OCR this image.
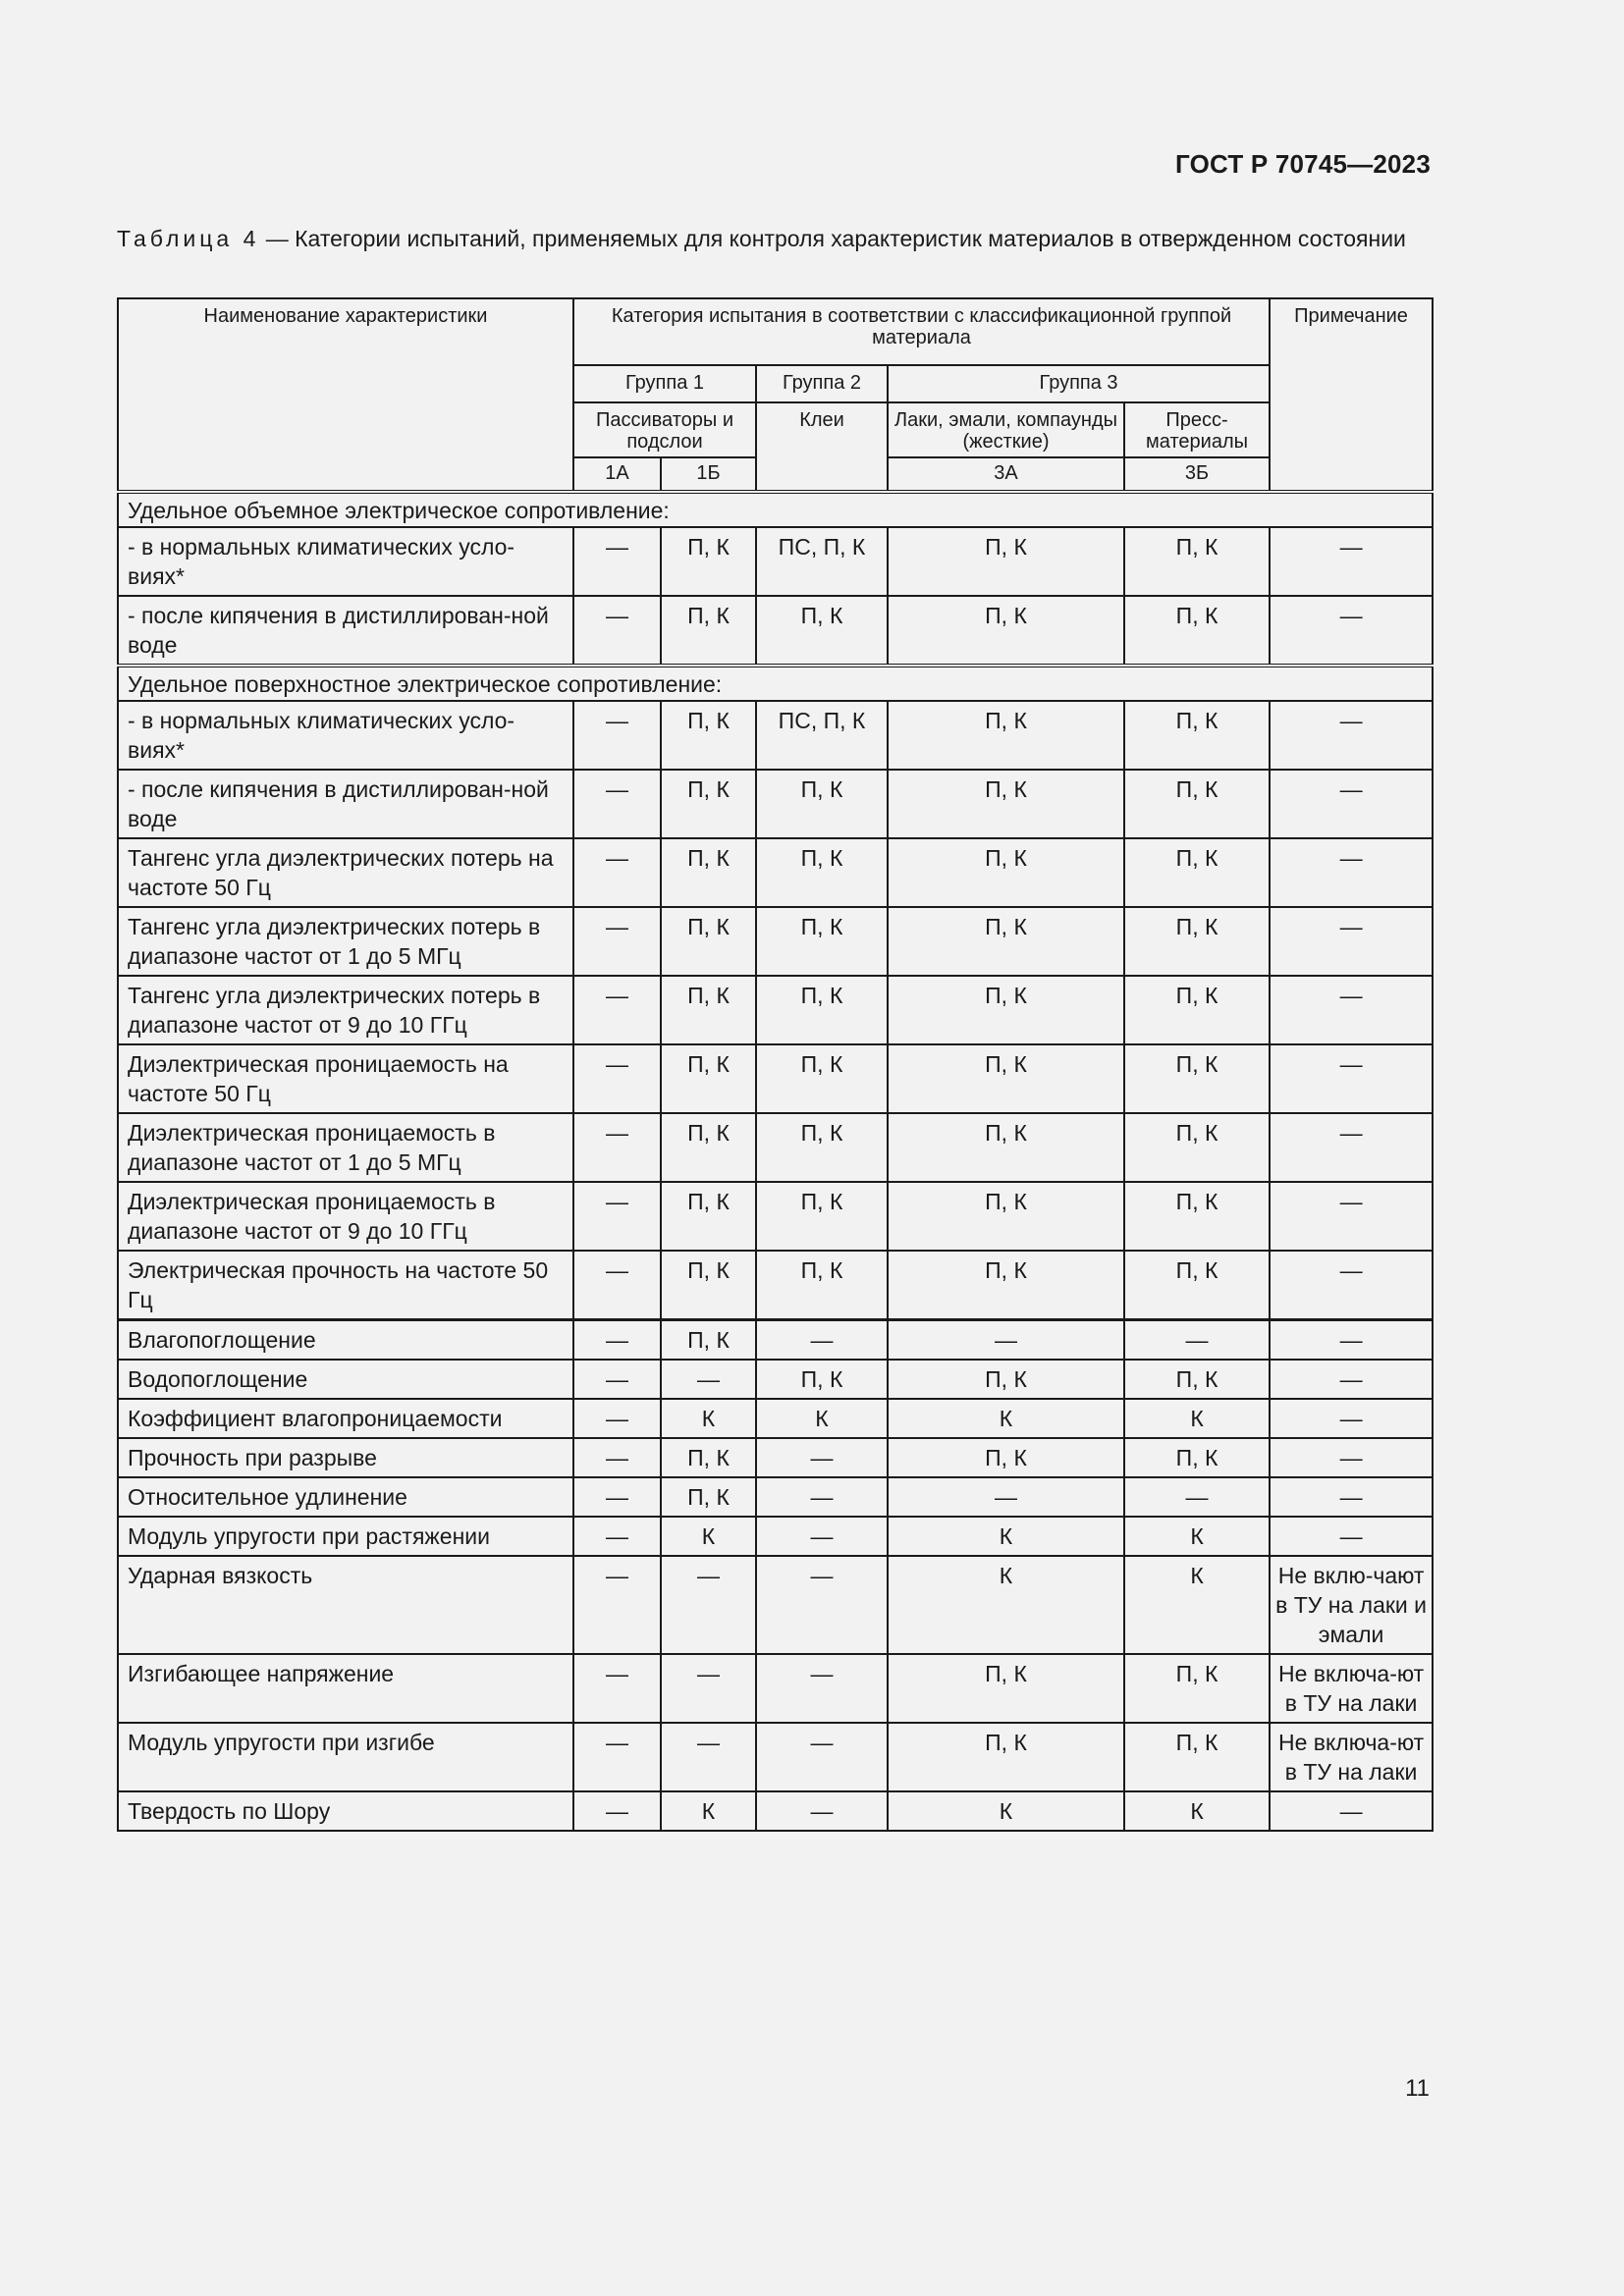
ГОСТ Р 70745—2023
Таблица 4 — Категории испытаний, применяемых для контроля характеристик материалов в отвержденном состоянии
Наименование характеристики	Категория испытания в соответствии с классификационной группой материала					Примечание
	Группа 1		Группа 2	Группа 3		
	Пассиваторы и подслои		Клеи	Лаки, эмали, компаунды (жесткие)	Пресс-материалы	
	1А	1Б		3А	3Б	
Удельное объемное электрическое сопротивление:						
- в нормальных климатических усло-виях*	—	П, К	ПС, П, К	П, К	П, К	—
- после кипячения в дистиллирован-ной воде	—	П, К	П, К	П, К	П, К	—
Удельное поверхностное электрическое сопротивление:						
- в нормальных климатических усло-виях*	—	П, К	ПС, П, К	П, К	П, К	—
- после кипячения в дистиллирован-ной воде	—	П, К	П, К	П, К	П, К	—
Тангенс угла диэлектрических потерь на частоте 50 Гц	—	П, К	П, К	П, К	П, К	—
Тангенс угла диэлектрических потерь в диапазоне частот от 1 до 5 МГц	—	П, К	П, К	П, К	П, К	—
Тангенс угла диэлектрических потерь в диапазоне частот от 9 до 10 ГГц	—	П, К	П, К	П, К	П, К	—
Диэлектрическая проницаемость на частоте 50 Гц	—	П, К	П, К	П, К	П, К	—
Диэлектрическая проницаемость в диапазоне частот от 1 до 5 МГц	—	П, К	П, К	П, К	П, К	—
Диэлектрическая проницаемость в диапазоне частот от 9 до 10 ГГц	—	П, К	П, К	П, К	П, К	—
Электрическая прочность на частоте 50 Гц	—	П, К	П, К	П, К	П, К	—
Влагопоглощение	—	П, К	—	—	—	—
Водопоглощение	—	—	П, К	П, К	П, К	—
Коэффициент влагопроницаемости	—	К	К	К	К	—
Прочность при разрыве	—	П, К	—	П, К	П, К	—
Относительное удлинение	—	П, К	—	—	—	—
Модуль упругости при растяжении	—	К	—	К	К	—
Ударная вязкость	—	—	—	К	К	Не вклю-чают в ТУ на лаки и эмали
Изгибающее напряжение	—	—	—	П, К	П, К	Не включа-ют в ТУ на лаки
Модуль упругости при изгибе	—	—	—	П, К	П, К	Не включа-ют в ТУ на лаки
Твердость по Шору	—	К	—	К	К	—
11
